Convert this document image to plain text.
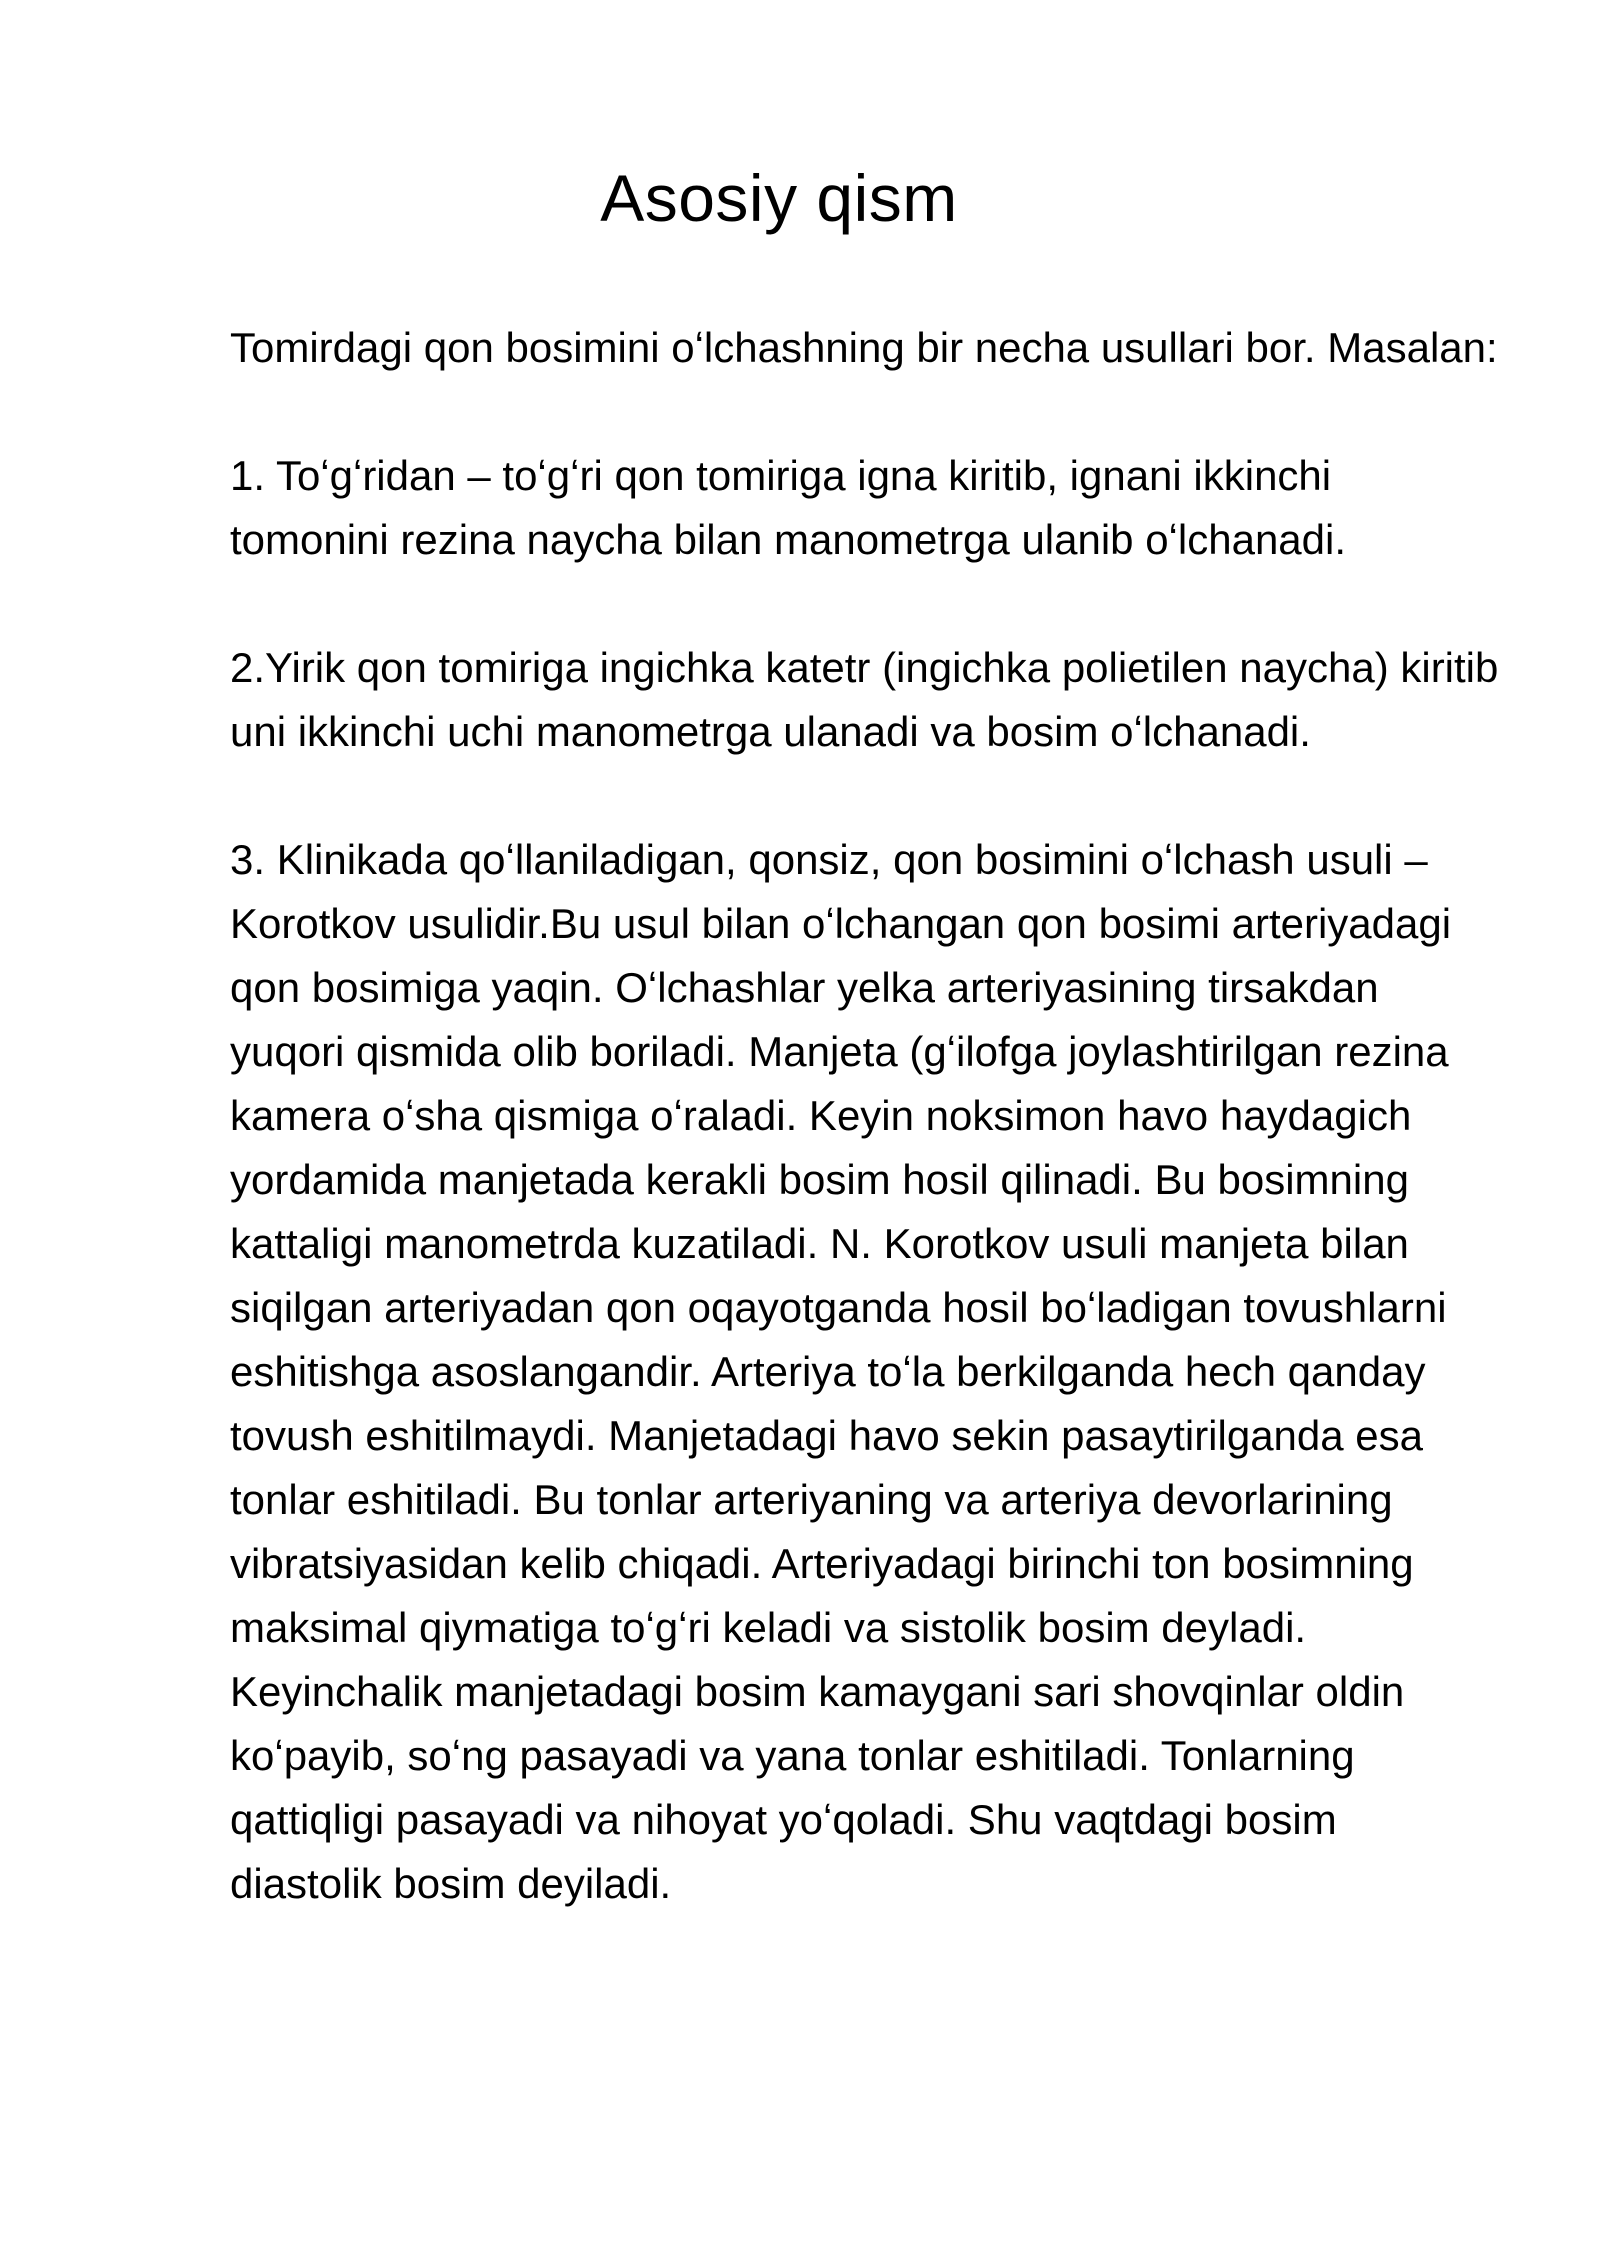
Asosiy qism

Tomirdagi qon bosimini oʻlchashning bir necha usullari bor. Masalan:

1. Toʻgʻridan – toʻgʻri qon tomiriga igna kiritib, ignani ikkinchi tomonini rezina naycha bilan manometrga ulanib oʻlchanadi.

2.Yirik qon tomiriga ingichka katetr (ingichka polietilen naycha) kiritib uni ikkinchi uchi manometrga ulanadi va bosim oʻlchanadi.

3. Klinikada qoʻllaniladigan, qonsiz, qon bosimini oʻlchash usuli – Korotkov usulidir.Bu usul bilan oʻlchangan qon bosimi arteriyadagi qon bosimiga yaqin. Oʻlchashlar yelka arteriyasining tirsakdan yuqori qismida olib boriladi. Manjeta (gʻilofga joylashtirilgan rezina kamera oʻsha qismiga oʻraladi. Keyin noksimon havo haydagich yordamida manjetada kerakli bosim hosil qilinadi. Bu bosimning kattaligi manometrda kuzatiladi. N. Korotkov usuli manjeta bilan siqilgan arteriyadan qon oqayotganda hosil boʻladigan tovushlarni eshitishga asoslangandir. Arteriya toʻla berkilganda hech qanday tovush eshitilmaydi. Manjetadagi havo sekin pasaytirilganda esa tonlar eshitiladi. Bu tonlar arteriyaning va arteriya devorlarining vibratsiyasidan kelib chiqadi. Arteriyadagi birinchi ton bosimning maksimal qiymatiga toʻgʻri keladi va sistolik bosim deyladi. Keyinchalik manjetadagi bosim kamaygani sari shovqinlar oldin koʻpayib, soʻng pasayadi va yana tonlar eshitiladi. Tonlarning qattiqligi pasayadi va nihoyat yoʻqoladi. Shu vaqtdagi bosim diastolik bosim deyiladi.
